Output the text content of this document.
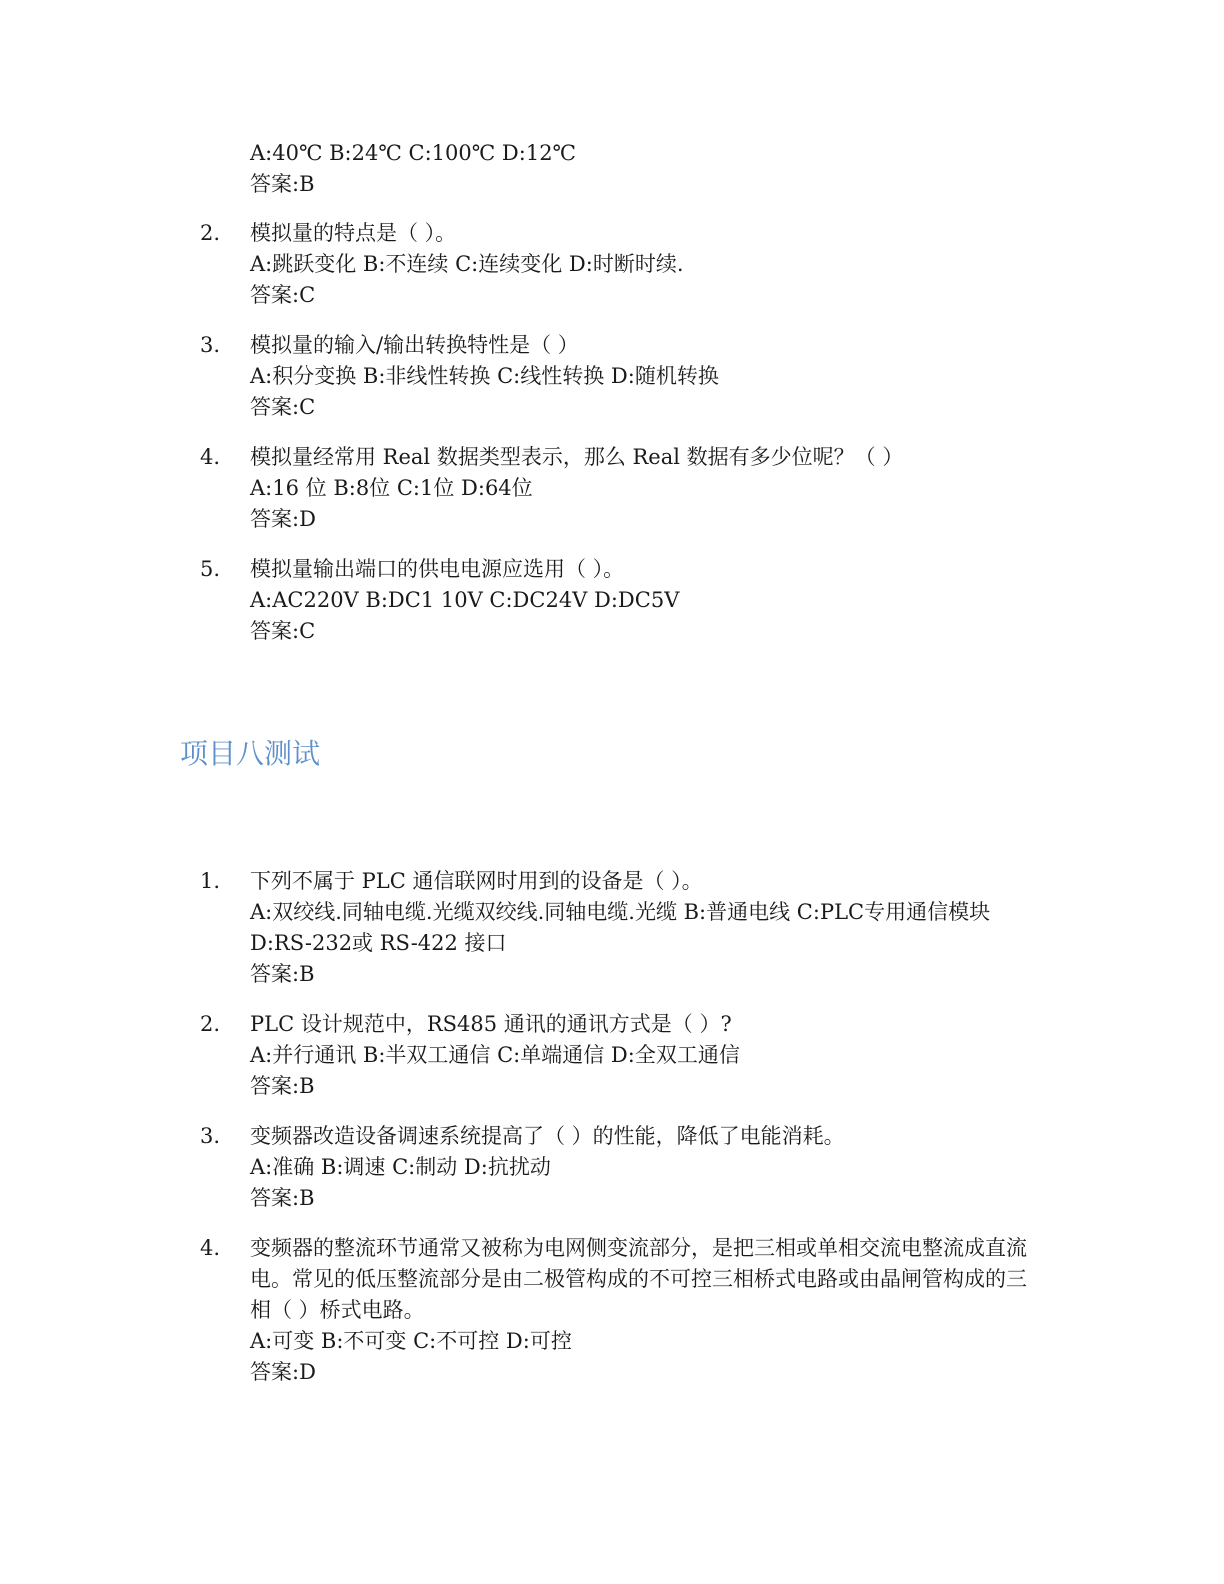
A:40℃ B:24℃ C:100℃ D:12℃
答案:B
2. 模拟量的特点是（ ）。
A:跳跃变化 B:不连续 C:连续变化 D:时断时续.
答案:C
3. 模拟量的输入/输出转换特性是（ ）
A:积分变换 B:非线性转换 C:线性转换 D:随机转换
答案:C
4. 模拟量经常用 Real 数据类型表示，那么 Real 数据有多少位呢？（ ）
A:16 位 B:8位 C:1位 D:64位
答案:D
5. 模拟量输出端口的供电电源应选用（ ）。
A:AC220V B:DC1 10V C:DC24V D:DC5V
答案:C
项目八测试
1. 下列不属于 PLC 通信联网时用到的设备是（ ）。
A:双绞线.同轴电缆.光缆双绞线.同轴电缆.光缆 B:普通电线 C:PLC专用通信模块 D:RS-232或 RS-422 接口
答案:B
2. PLC 设计规范中，RS485 通讯的通讯方式是（ ）?
A:并行通讯 B:半双工通信 C:单端通信 D:全双工通信
答案:B
3. 变频器改造设备调速系统提高了（ ）的性能，降低了电能消耗。
A:准确 B:调速 C:制动 D:抗扰动
答案:B
4. 变频器的整流环节通常又被称为电网侧变流部分，是把三相或单相交流电整流成直流电。常见的低压整流部分是由二极管构成的不可控三相桥式电路或由晶闸管构成的三相（ ）桥式电路。
A:可变 B:不可变 C:不可控 D:可控
答案:D
